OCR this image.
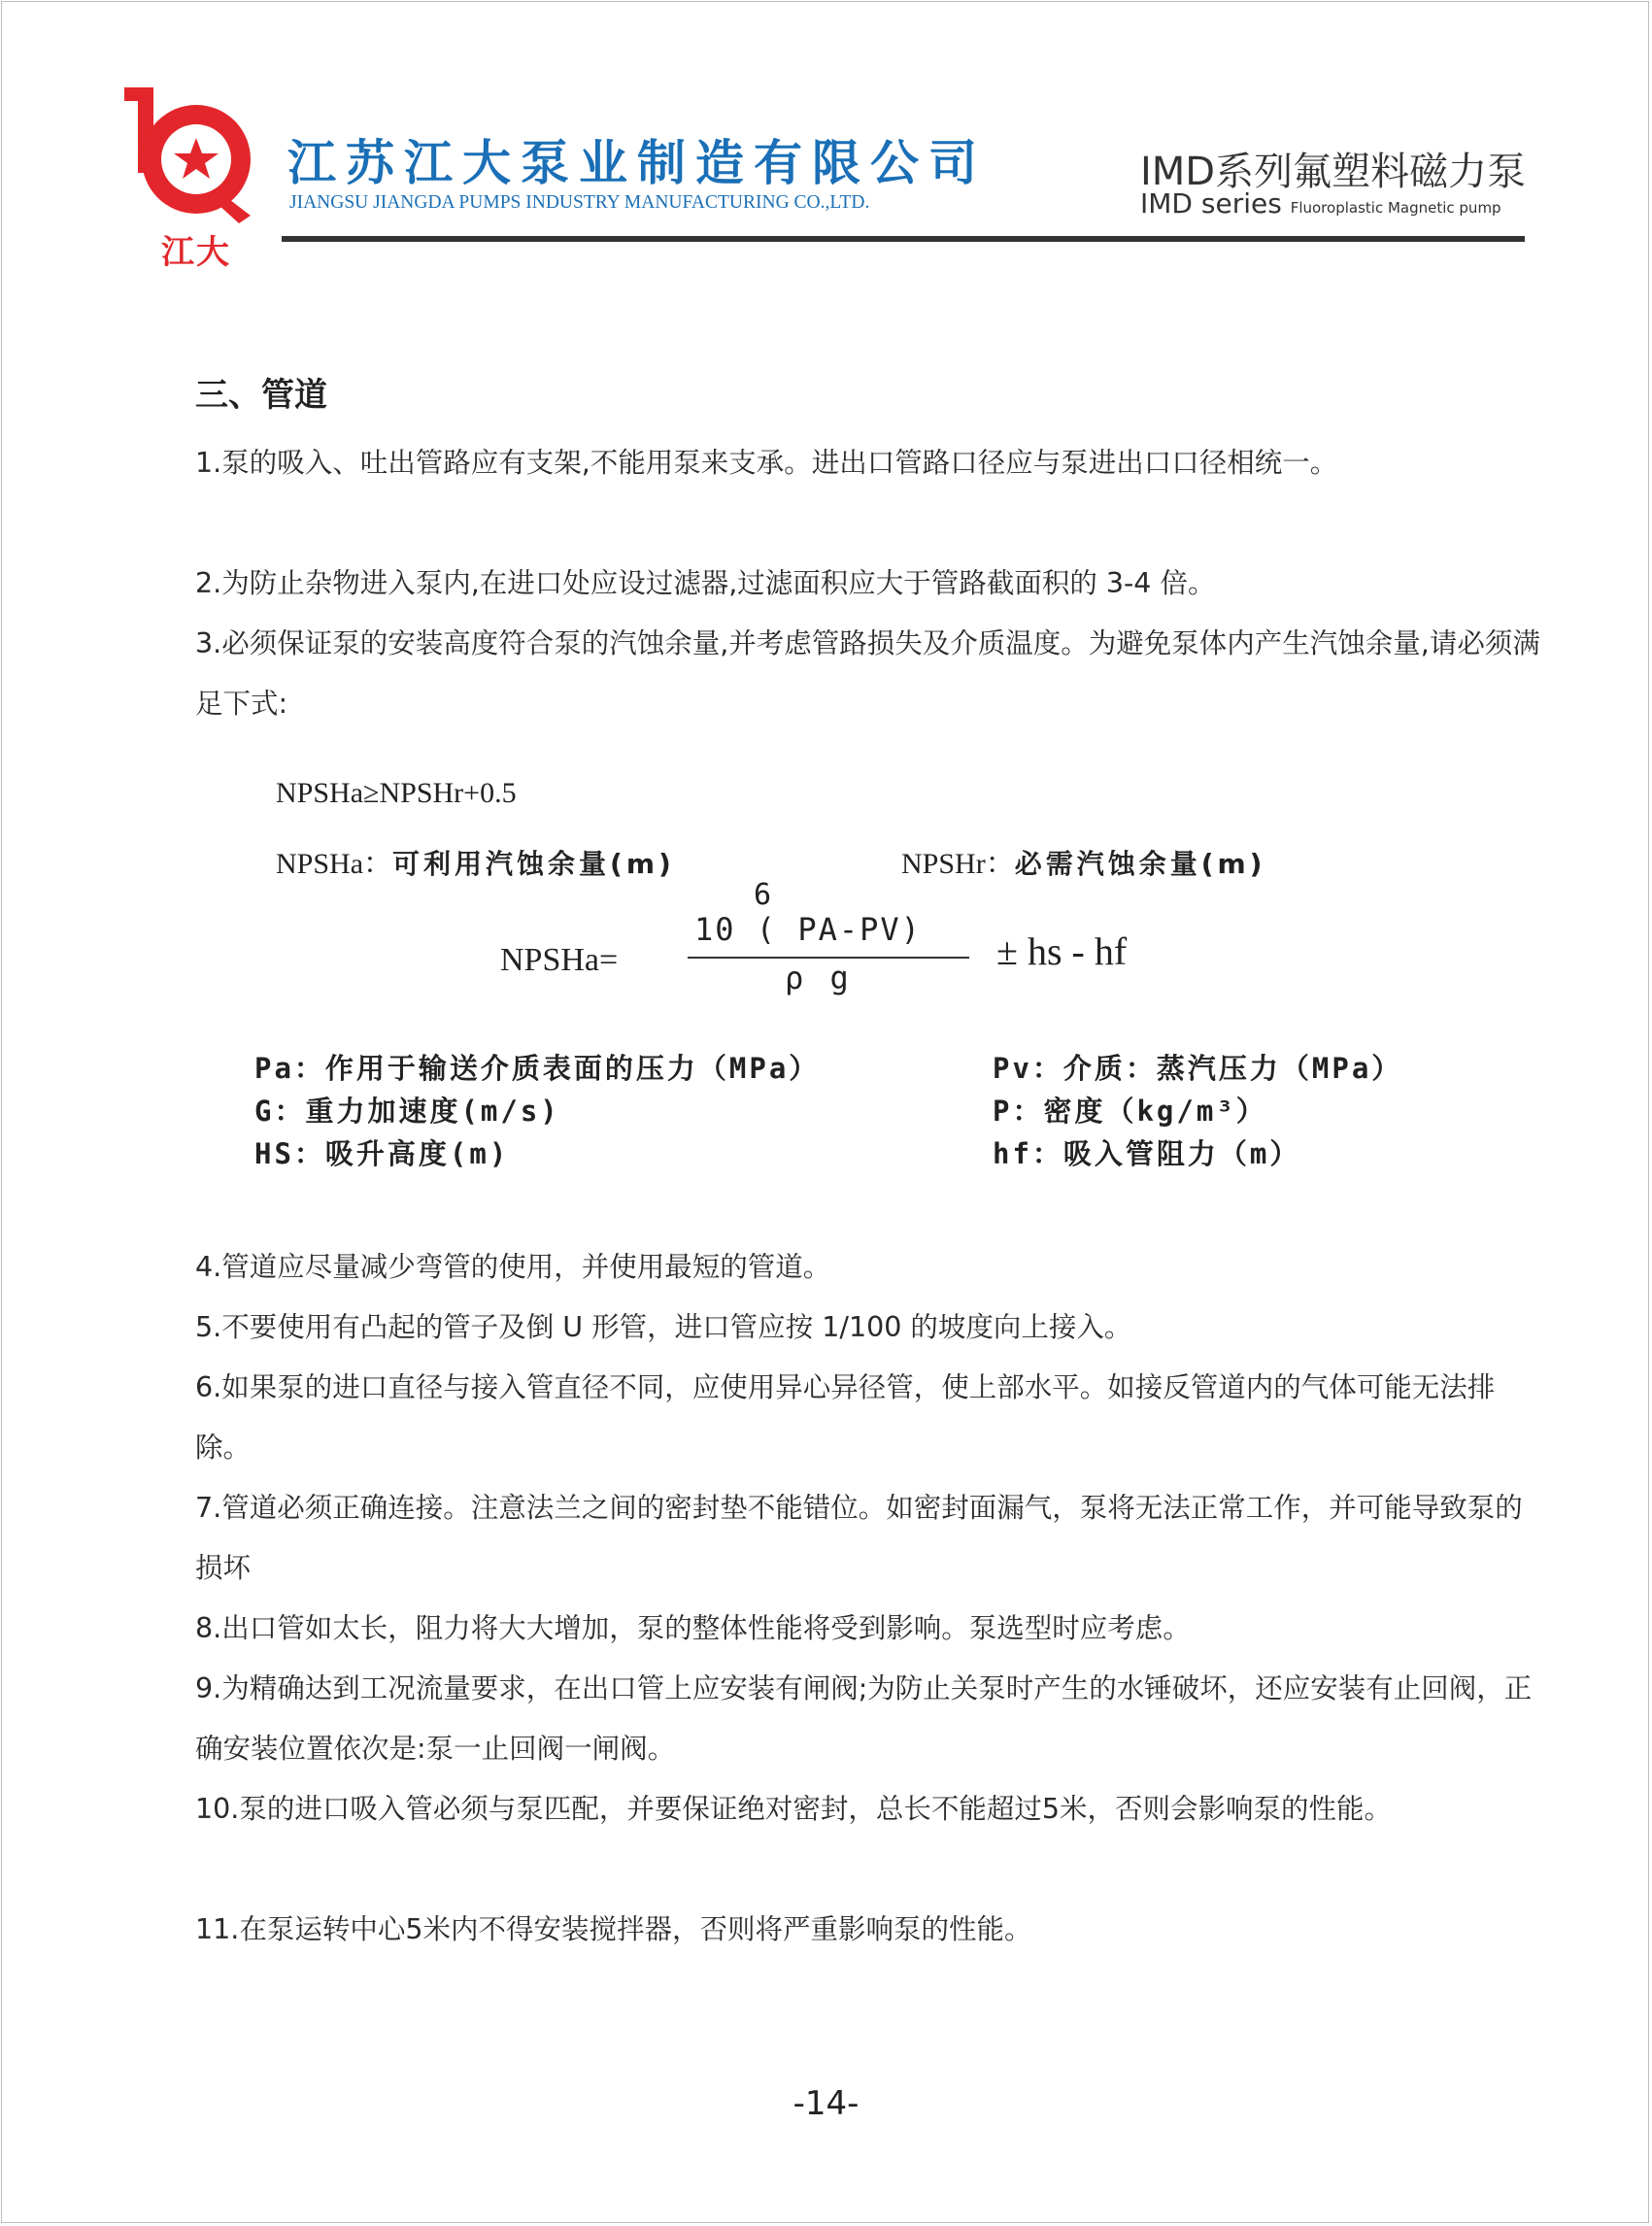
江大
江苏江大泵业制造有限公司
JIANGSU JIANGDA PUMPS INDUSTRY MANUFACTURING CO.,LTD.
IMD系列氟塑料磁力泵
IMD series Fluoroplastic Magnetic pump
三、管道
1.泵的吸入、吐出管路应有支架,不能用泵来支承。进出口管路口径应与泵进出口口径相统一。
2.为防止杂物进入泵内,在进口处应设过滤器,过滤面积应大于管路截面积的 3-4 倍。
3.必须保证泵的安装高度符合泵的汽蚀余量,并考虑管路损失及介质温度。为避免泵体内产生汽蚀余量,请必须满足下式:
NPSHa≥NPSHr+0.5
NPSHa：可利用汽蚀余量(m)	NPSHr：必需汽蚀余量(m)
6
10 ( PA-PV)
NPSHa=	ρ g
± hs - hf
Pa：作用于输送介质表面的压力（MPa）	Pv：介质：蒸汽压力（MPa）
G：重力加速度(m/s)	P：密度（kg/m³）
HS：吸升高度(m)	hf：吸入管阻力（m）
4.管道应尽量减少弯管的使用，并使用最短的管道。
5.不要使用有凸起的管子及倒 U 形管，进口管应按 1/100 的坡度向上接入。
6.如果泵的进口直径与接入管直径不同，应使用异心异径管，使上部水平。如接反管道内的气体可能无法排除。
7.管道必须正确连接。注意法兰之间的密封垫不能错位。如密封面漏气，泵将无法正常工作，并可能导致泵的损坏
8.出口管如太长，阻力将大大增加，泵的整体性能将受到影响。泵选型时应考虑。
9.为精确达到工况流量要求，在出口管上应安装有闸阀;为防止关泵时产生的水锤破坏，还应安装有止回阀，正确安装位置依次是:泵一止回阀一闸阀。
10.泵的进口吸入管必须与泵匹配，并要保证绝对密封，总长不能超过5米，否则会影响泵的性能。
11.在泵运转中心5米内不得安装搅拌器，否则将严重影响泵的性能。
-14-
